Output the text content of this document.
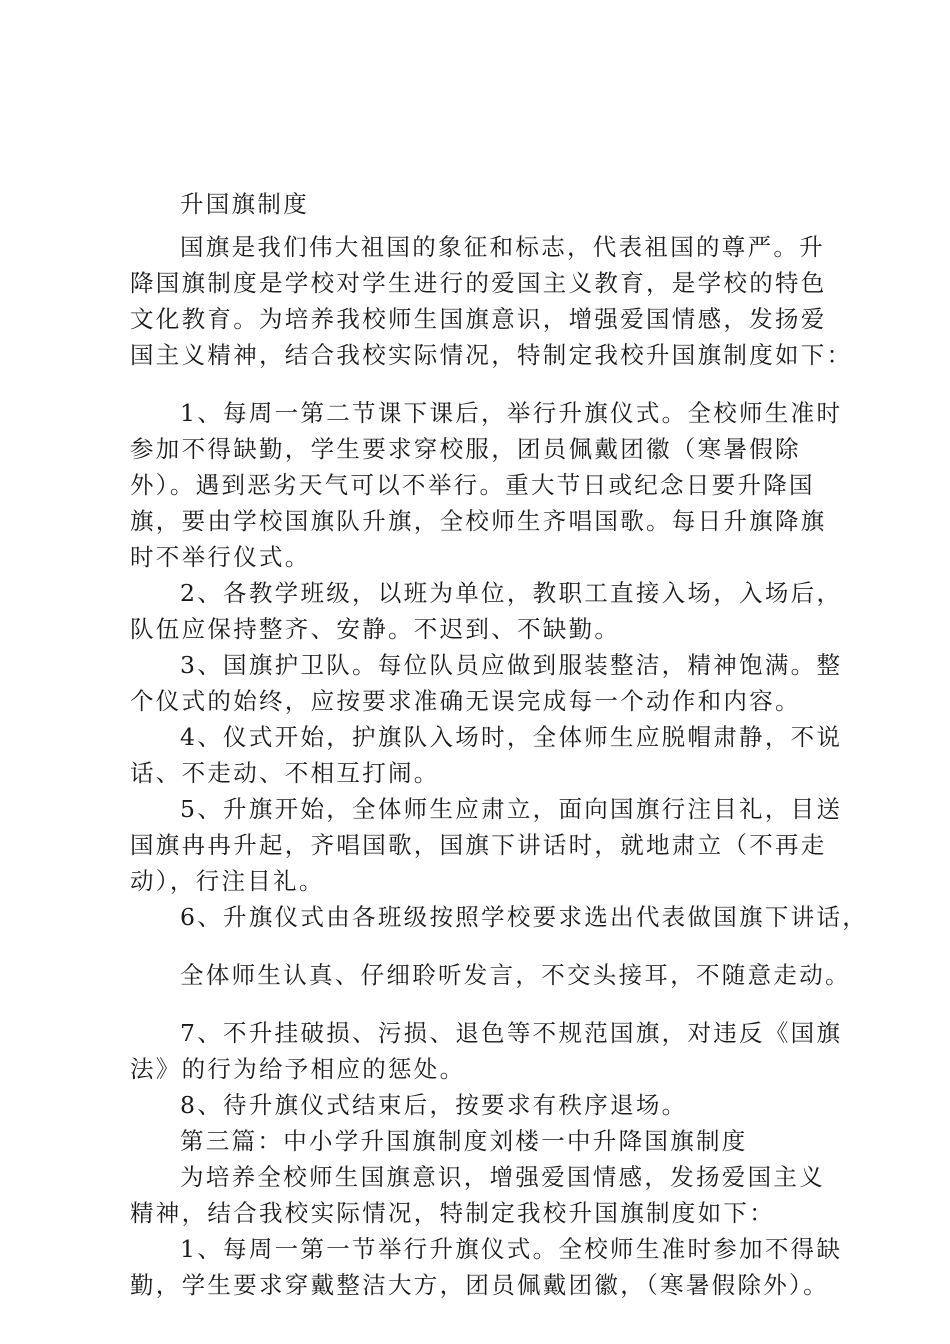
升国旗制度
国旗是我们伟大祖国的象征和标志，代表祖国的尊严。升
降国旗制度是学校对学生进行的爱国主义教育，是学校的特色
文化教育。为培养我校师生国旗意识，增强爱国情感，发扬爱
国主义精神，结合我校实际情况，特制定我校升国旗制度如下：
1、每周一第二节课下课后，举行升旗仪式。全校师生准时
参加不得缺勤，学生要求穿校服，团员佩戴团徽（寒暑假除
外）。遇到恶劣天气可以不举行。重大节日或纪念日要升降国
旗，要由学校国旗队升旗，全校师生齐唱国歌。每日升旗降旗
时不举行仪式。
2、各教学班级，以班为单位，教职工直接入场，入场后，
队伍应保持整齐、安静。不迟到、不缺勤。
3、国旗护卫队。每位队员应做到服装整洁，精神饱满。整
个仪式的始终，应按要求准确无误完成每一个动作和内容。
4、仪式开始，护旗队入场时，全体师生应脱帽肃静，不说
话、不走动、不相互打闹。
5、升旗开始，全体师生应肃立，面向国旗行注目礼，目送
国旗冉冉升起，齐唱国歌，国旗下讲话时，就地肃立（不再走
动），行注目礼。
6、升旗仪式由各班级按照学校要求选出代表做国旗下讲话，
全体师生认真、仔细聆听发言，不交头接耳，不随意走动。
7、不升挂破损、污损、退色等不规范国旗，对违反《国旗
法》的行为给予相应的惩处。
8、待升旗仪式结束后，按要求有秩序退场。
第三篇：中小学升国旗制度刘楼一中升降国旗制度
为培养全校师生国旗意识，增强爱国情感，发扬爱国主义
精神，结合我校实际情况，特制定我校升国旗制度如下：
1、每周一第一节举行升旗仪式。全校师生准时参加不得缺
勤，学生要求穿戴整洁大方，团员佩戴团徽，（寒暑假除外）。
